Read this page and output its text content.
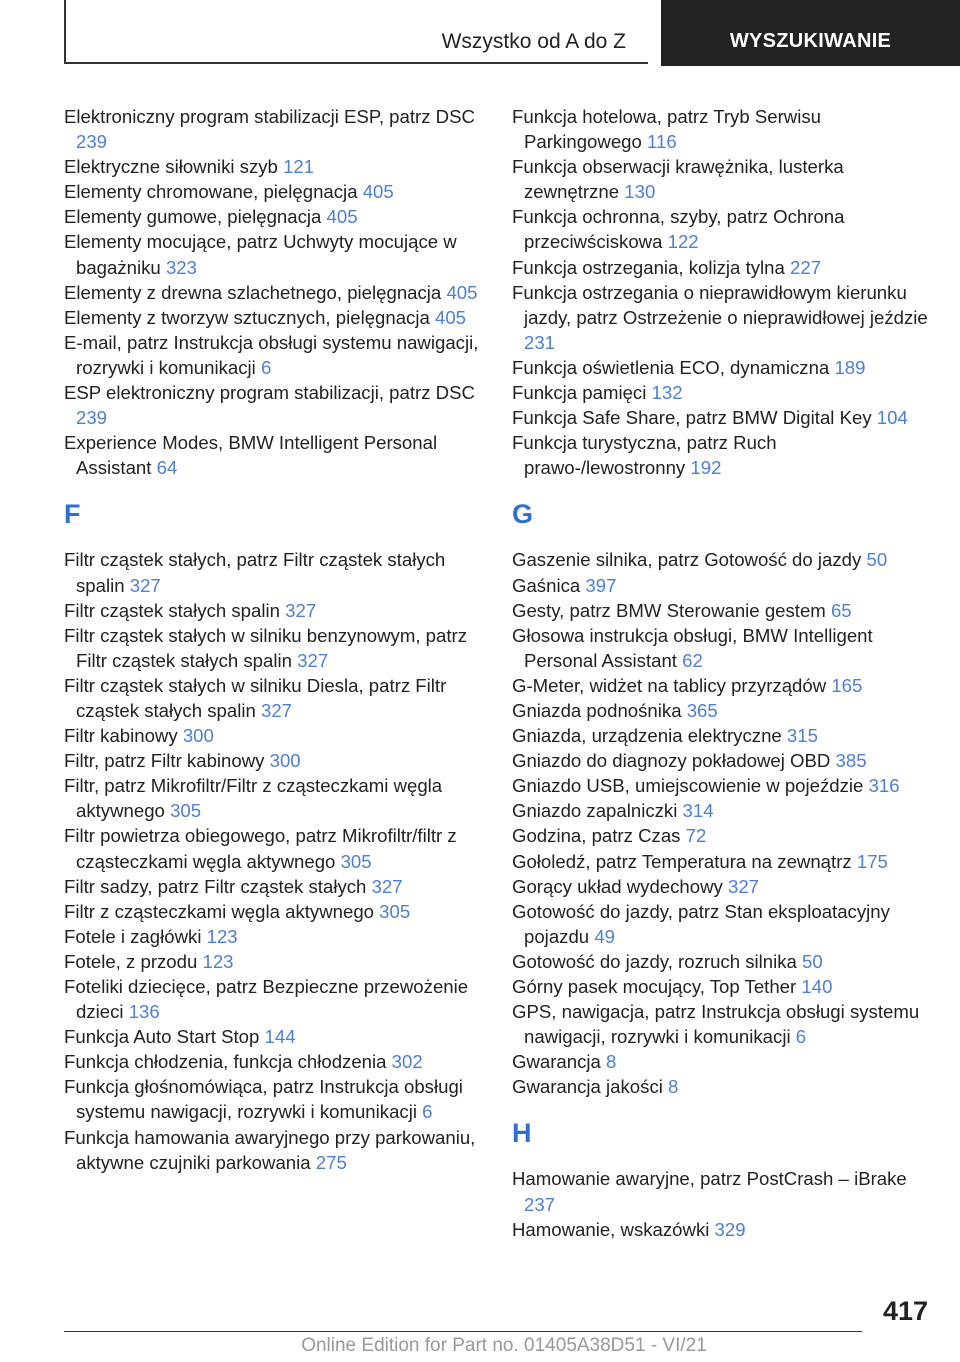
Wszystko od A do Z	WYSZUKIWANIE
Elektroniczny program stabilizacji ESP, patrz DSC 239
Elektryczne siłowniki szyb 121
Elementy chromowane, pielęgnacja 405
Elementy gumowe, pielęgnacja 405
Elementy mocujące, patrz Uchwyty mocujące w bagażniku 323
Elementy z drewna szlachetnego, pielęgnacja 405
Elementy z tworzyw sztucznych, pielęgnacja 405
E-mail, patrz Instrukcja obsługi systemu nawigacji, rozrywki i komunikacji 6
ESP elektroniczny program stabilizacji, patrz DSC 239
Experience Modes, BMW Intelligent Personal Assistant 64
F
Filtr cząstek stałych, patrz Filtr cząstek stałych spalin 327
Filtr cząstek stałych spalin 327
Filtr cząstek stałych w silniku benzynowym, patrz Filtr cząstek stałych spalin 327
Filtr cząstek stałych w silniku Diesla, patrz Filtr cząstek stałych spalin 327
Filtr kabinowy 300
Filtr, patrz Filtr kabinowy 300
Filtr, patrz Mikrofiltr/Filtr z cząsteczkami węgla aktywnego 305
Filtr powietrza obiegowego, patrz Mikrofiltr/filtr z cząsteczkami węgla aktywnego 305
Filtr sadzy, patrz Filtr cząstek stałych 327
Filtr z cząsteczkami węgla aktywnego 305
Fotele i zagłówki 123
Fotele, z przodu 123
Foteliki dziecięce, patrz Bezpieczne przewożenie dzieci 136
Funkcja Auto Start Stop 144
Funkcja chłodzenia, funkcja chłodzenia 302
Funkcja głośnomówiąca, patrz Instrukcja obsługi systemu nawigacji, rozrywki i komunikacji 6
Funkcja hamowania awaryjnego przy parkowaniu, aktywne czujniki parkowania 275
Funkcja hotelowa, patrz Tryb Serwisu Parkingowego 116
Funkcja obserwacji krawężnika, lusterka zewnętrzne 130
Funkcja ochronna, szyby, patrz Ochrona przeciwściskowa 122
Funkcja ostrzegania, kolizja tylna 227
Funkcja ostrzegania o nieprawidłowym kierunku jazdy, patrz Ostrzeżenie o nieprawidłowej jeździe 231
Funkcja oświetlenia ECO, dynamiczna 189
Funkcja pamięci 132
Funkcja Safe Share, patrz BMW Digital Key 104
Funkcja turystyczna, patrz Ruch prawo-/lewostronny 192
G
Gaszenie silnika, patrz Gotowość do jazdy 50
Gaśnica 397
Gesty, patrz BMW Sterowanie gestem 65
Głosowa instrukcja obsługi, BMW Intelligent Personal Assistant 62
G-Meter, widżet na tablicy przyrządów 165
Gniazda podnośnika 365
Gniazda, urządzenia elektryczne 315
Gniazdo do diagnozy pokładowej OBD 385
Gniazdo USB, umiejscowienie w pojeździe 316
Gniazdo zapalniczki 314
Godzina, patrz Czas 72
Gołoledź, patrz Temperatura na zewnątrz 175
Gorący układ wydechowy 327
Gotowość do jazdy, patrz Stan eksploatacyjny pojazdu 49
Gotowość do jazdy, rozruch silnika 50
Górny pasek mocujący, Top Tether 140
GPS, nawigacja, patrz Instrukcja obsługi systemu nawigacji, rozrywki i komunikacji 6
Gwarancja 8
Gwarancja jakości 8
H
Hamowanie awaryjne, patrz PostCrash – iBrake 237
Hamowanie, wskazówki 329
417
Online Edition for Part no. 01405A38D51 - VI/21
